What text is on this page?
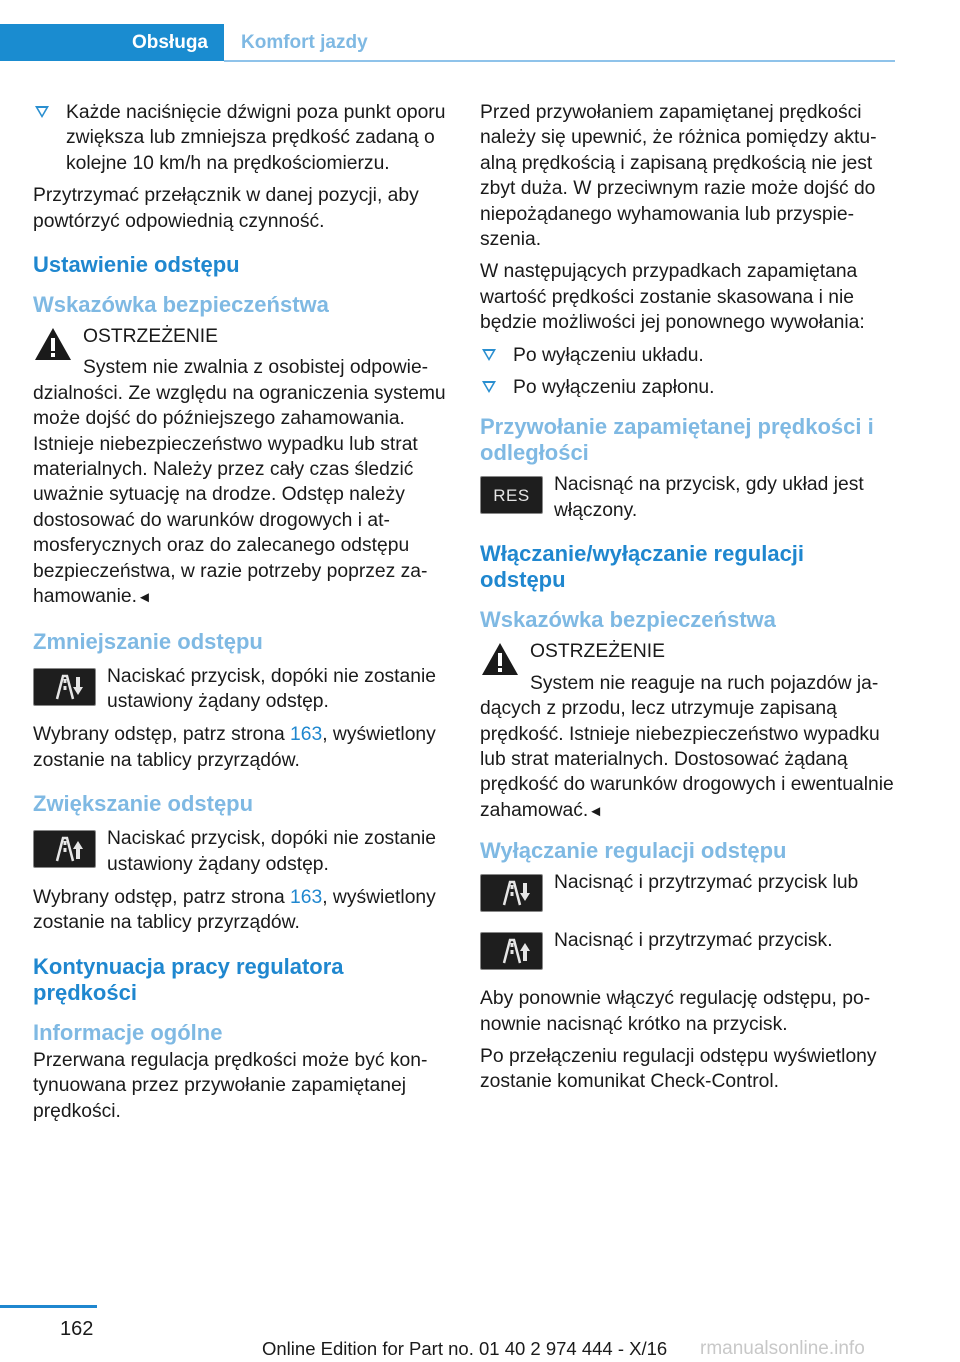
Obsługa	Komfort jazdy
Każde naciśnięcie dźwigni poza punkt oporu zwiększa lub zmniejsza prędkość zadaną o kolejne 10 km/h na prędkościomierzu.

Przytrzymać przełącznik w danej pozycji, aby powtórzyć odpowiednią czynność.

Ustawienie odstępu
Wskazówka bezpieczeństwa

OSTRZEŻENIE

System nie zwalnia z osobistej odpowiedzialności. Ze względu na ograniczenia systemu może dojść do późniejszego zahamowania. Istnieje niebezpieczeństwo wypadku lub strat materialnych. Należy przez cały czas śledzić uważnie sytuację na drodze. Odstęp należy dostosować do warunków drogowych i atmosferycznych oraz do zalecanego odstępu bezpieczeństwa, w razie potrzeby poprzez zahamowanie.◄

Zmniejszanie odstępu

Naciskać przycisk, dopóki nie zostanie ustawiony żądany odstęp.

Wybrany odstęp, patrz strona 163, wyświetlony zostanie na tablicy przyrządów.

Zwiększanie odstępu

Naciskać przycisk, dopóki nie zostanie ustawiony żądany odstęp.

Wybrany odstęp, patrz strona 163, wyświetlony zostanie na tablicy przyrządów.

Kontynuacja pracy regulatora prędkości
Informacje ogólne

Przerwana regulacja prędkości może być kontynuowana przez przywołanie zapamiętanej prędkości.

Przed przywołaniem zapamiętanej prędkości należy się upewnić, że różnica pomiędzy aktualną prędkością i zapisaną prędkością nie jest zbyt duża. W przeciwnym razie może dojść do niepożądanego wyhamowania lub przyspieszenia.

W następujących przypadkach zapamiętana wartość prędkości zostanie skasowana i nie będzie możliwości jej ponownego wywołania:

Po wyłączeniu układu.
Po wyłączeniu zapłonu.
Przywołanie zapamiętanej prędkości i odległości
RES Nacisnąć na przycisk, gdy układ jest włączony.

Włączanie/wyłączanie regulacji odstępu
Wskazówka bezpieczeństwa

OSTRZEŻENIE

System nie reaguje na ruch pojazdów jadących z przodu, lecz utrzymuje zapisaną prędkość. Istnieje niebezpieczeństwo wypadku lub strat materialnych. Dostosować żądaną prędkość do warunków drogowych i ewentualnie zahamować.◄

Wyłączanie regulacji odstępu

Nacisnąć i przytrzymać przycisk lub

Nacisnąć i przytrzymać przycisk.

Aby ponownie włączyć regulację odstępu, ponownie nacisnąć krótko na przycisk.

Po przełączeniu regulacji odstępu wyświetlony zostanie komunikat Check-Control.

162
Online Edition for Part no. 01 40 2 974 444 - X/16 rmanualsonline.info
